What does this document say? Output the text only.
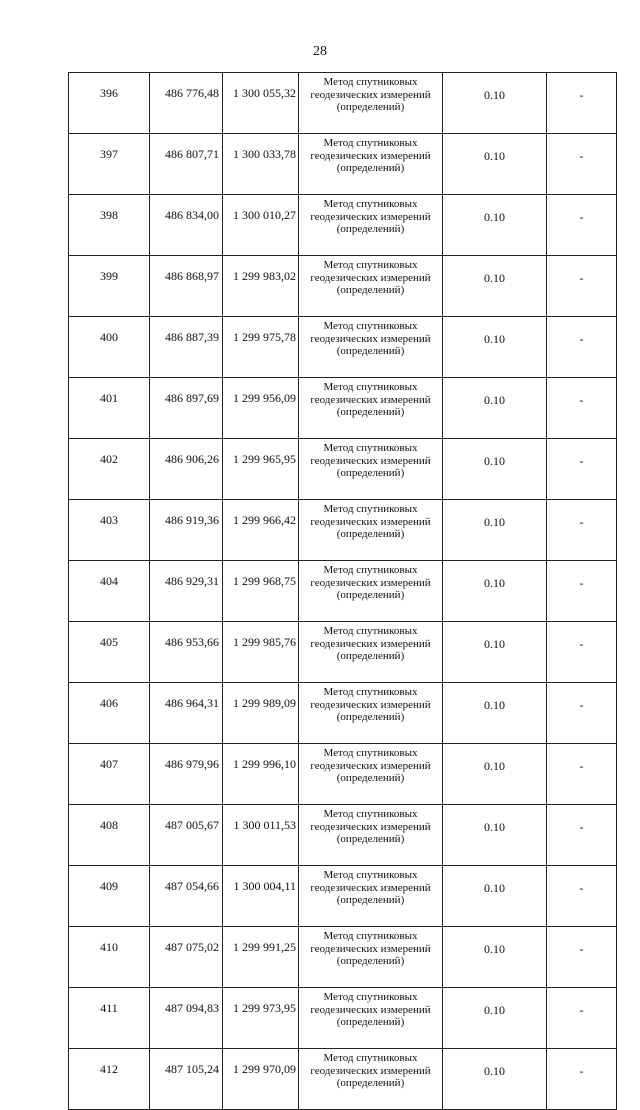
28
396	486 776,48	1 300 055,32	Метод спутниковых
геодезических измерений
(определений)	0.10	-
397	486 807,71	1 300 033,78	Метод спутниковых
геодезических измерений
(определений)	0.10	-
398	486 834,00	1 300 010,27	Метод спутниковых
геодезических измерений
(определений)	0.10	-
399	486 868,97	1 299 983,02	Метод спутниковых
геодезических измерений
(определений)	0.10	-
400	486 887,39	1 299 975,78	Метод спутниковых
геодезических измерений
(определений)	0.10	-
401	486 897,69	1 299 956,09	Метод спутниковых
геодезических измерений
(определений)	0.10	-
402	486 906,26	1 299 965,95	Метод спутниковых
геодезических измерений
(определений)	0.10	-
403	486 919,36	1 299 966,42	Метод спутниковых
геодезических измерений
(определений)	0.10	-
404	486 929,31	1 299 968,75	Метод спутниковых
геодезических измерений
(определений)	0.10	-
405	486 953,66	1 299 985,76	Метод спутниковых
геодезических измерений
(определений)	0.10	-
406	486 964,31	1 299 989,09	Метод спутниковых
геодезических измерений
(определений)	0.10	-
407	486 979,96	1 299 996,10	Метод спутниковых
геодезических измерений
(определений)	0.10	-
408	487 005,67	1 300 011,53	Метод спутниковых
геодезических измерений
(определений)	0.10	-
409	487 054,66	1 300 004,11	Метод спутниковых
геодезических измерений
(определений)	0.10	-
410	487 075,02	1 299 991,25	Метод спутниковых
геодезических измерений
(определений)	0.10	-
411	487 094,83	1 299 973,95	Метод спутниковых
геодезических измерений
(определений)	0.10	-
412	487 105,24	1 299 970,09	Метод спутниковых
геодезических измерений
(определений)	0.10	-
